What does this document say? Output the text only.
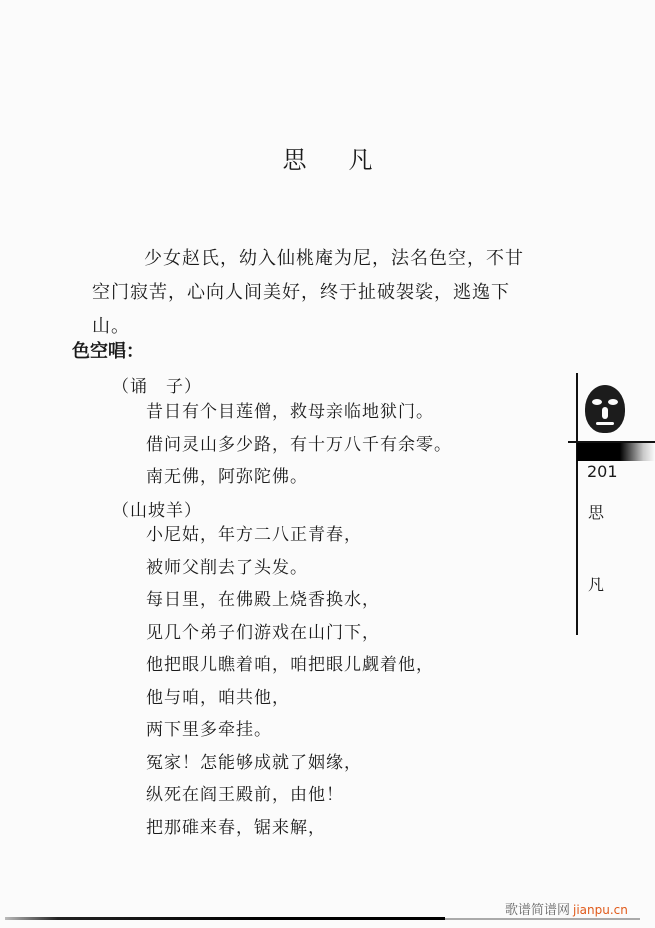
思 凡

少女赵氏，幼入仙桃庵为尼，法名色空，不甘空门寂苦，心向人间美好，终于扯破袈裟，逃逸下山。

色空唱：

（诵　子）

昔日有个目莲僧，救母亲临地狱门。
借问灵山多少路，有十万八千有余零。
南无佛，阿弥陀佛。

（山坡羊）

小尼姑，年方二八正青春，
被师父削去了头发。
每日里，在佛殿上烧香换水，
见几个弟子们游戏在山门下，
他把眼儿瞧着咱，咱把眼儿觑着他，
他与咱，咱共他，
两下里多牵挂。
冤家！怎能够成就了姻缘，
纵死在阎王殿前，由他！
把那碓来春，锯来解，

201

思

凡

歌谱简谱网 jianpu.cn
